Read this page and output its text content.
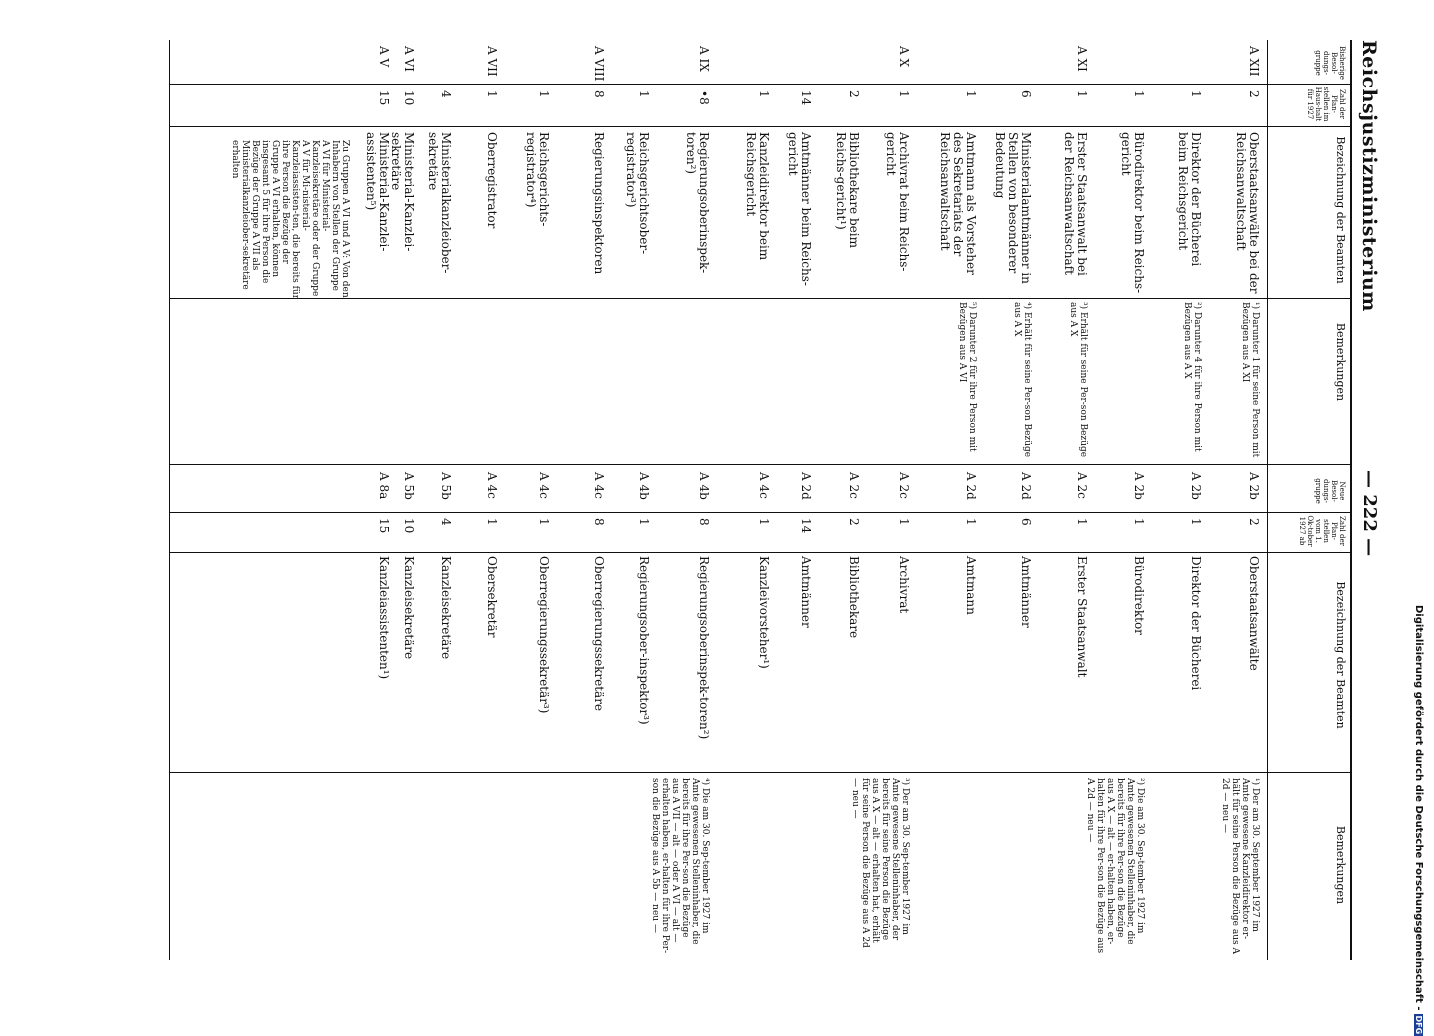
Reichsjustizministerium
— 222 —
Bisherige Besol-dungs-gruppe
Zahl der Plan-stellen im Haus-halt für 1927
Bezeichnung der Beamten
Bemerkungen
Neue Besol-dungs-gruppe
Zahl der Plan-stellen vom 1. Ok-tober 1927 ab
Bezeichnung der Beamten
Bemerkungen
A XII
2
Oberstaatsanwälte bei der Reichsanwaltschaft
¹) Darunter 1 für seine Person mit Bezügen aus A XI
A 2b
2
Oberstaatsanwälte
¹) Der am 30. September 1927 im Amte gewesene Kanzleidirektor er-hält für seine Person die Bezüge aus A 2d — neu —
1
Direktor der Bücherei beim Reichsgericht
²) Darunter 4 für ihre Person mit Bezügen aus A X
A 2b
1
Direktor der Bücherei
1
Bürodirektor beim Reichs-gericht
A 2b
1
Bürodirektor
²) Die am 30. Sep-tember 1927 im Amte gewesenen Stelleninhaber, die bereits für ihre Per-son die Bezüge aus A X — alt — er-halten haben, er-halten für ihre Per-son die Bezüge aus A 2d — neu —
A XI
1
Erster Staatsanwalt bei der Reichsanwaltschaft
³) Erhält für seine Per-son Bezüge aus A X
A 2c
1
Erster Staatsanwalt
6
Ministerialamtmänner in Stellen von besonderer Bedeutung
⁴) Erhält für seine Per-son Bezüge aus A X
A 2d
6
Amtmänner
1
Amtmann als Vorsteher des Sekretariats der Reichsanwaltschaft
⁵) Darunter 2 für ihre Person mit Bezügen aus A VI
A 2d
1
Amtmann
A X
1
Archivrat beim Reichs-gericht
A 2c
1
Archivrat
³) Der am 30. Sep-tember 1927 im Amte gewesene Stelleninhaber, der bereits für seine Person die Bezüge aus A X — alt — erhalten hat, erhält für seine Person die Bezüge aus A 2d — neu —
2
Bibliothekare beim Reichs-gericht¹)
A 2c
2
Bibliothekare
14
Amtmänner beim Reichs-gericht
A 2d
14
Amtmänner
1
Kanzleidirektor beim Reichsgericht
A 4c
1
Kanzleivorsteher¹)
A IX
•8
Regierungsoberinspek-toren²)
A 4b
8
Regierungsoberinspek-toren²)
⁴) Die am 30. Sep-tember 1927 im Amte gewesenen Stelleninhaber, die bereits für ihre Per-son die Bezüge aus A VII — alt — oder A VI — alt — erhalten haben, er-halten für ihre Per-son die Bezüge aus A 5b — neu —
1
Reichsgerichtsober-registrator³)
A 4b
1
Regierungsober-inspektor³)
A VIII
8
Regierungsinspektoren
A 4c
8
Oberregierungssekretäre
1
Reichsgerichts-registrator⁴)
A 4c
1
Oberregierungssekretär³)
A VII
1
Oberregistrator
A 4c
1
Obersekretär
4
Ministerialkanzleiober-sekretäre
A 5b
4
Kanzleisekretäre
A VI
10
Ministerial-Kanzlei-sekretäre
A 5b
10
Kanzleisekretäre
A V
15
Ministerial-Kanzlei-assistenten⁵)
A 8a
15
Kanzleiassistenten¹)
Zu Gruppen A VI und A V: Von den Inhabern von Stellen der Gruppe A VI für Ministerial-Kanzleisekretäre oder der Gruppe A V für Mi-nisterial-Kanzleiassisten-ten, die bereits für ihre Person die Bezüge der Gruppe A VI erhalten, können insgesamt 5 für ihre Person die Bezüge der Gruppe A VII als Ministerialkanzleiober-sekretäre erhalten
Digitalisierung gefördert durch die Deutsche Forschungsgemeinschaft -DFG
